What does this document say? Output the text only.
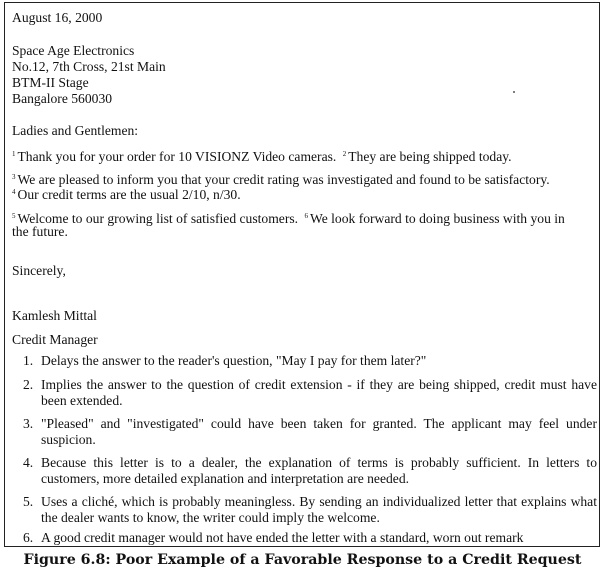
August 16, 2000
Space Age Electronics
No.12, 7th Cross, 21st Main
BTM-II Stage
Bangalore 560030
Ladies and Gentlemen:
$^1$ Thank you for your order for 10 VISIONZ Video cameras. $^2$ They are being shipped today.
$^3$ We are pleased to inform you that your credit rating was investigated and found to be satisfactory.
$^4$ Our credit terms are the usual 2/10, n/30.
$^5$ Welcome to our growing list of satisfied customers. $^6$ We look forward to doing business with you in
the future.
Sincerely,
Kamlesh Mittal
Credit Manager
1. Delays the answer to the reader's question, "May I pay for them later?"
2. Implies the answer to the question of credit extension - if they are being shipped, credit must have
been extended.
3. "Pleased" and "investigated" could have been taken for granted. The applicant may feel under
suspicion.
4. Because this letter is to a dealer, the explanation of terms is probably sufficient. In letters to
customers, more detailed explanation and interpretation are needed.
5. Uses a cliché, which is probably meaningless. By sending an individualized letter that explains what
the dealer wants to know, the writer could imply the welcome.
6. A good credit manager would not have ended the letter with a standard, worn out remark
Figure 6.8: Poor Example of a Favorable Response to a Credit Request
